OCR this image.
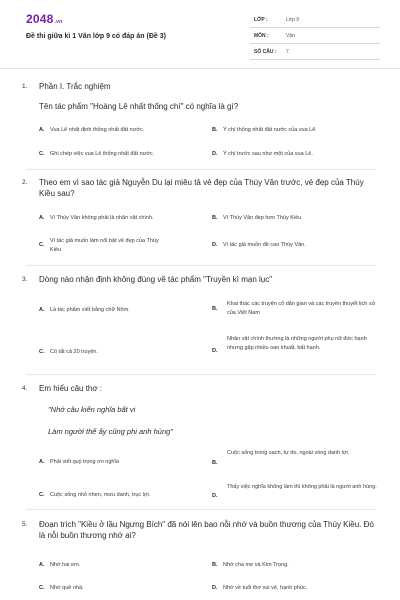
2048.vn
Đề thi giữa kì 1 Văn lớp 9 có đáp án (Đề 3)
LỚP :	Lớp 9
MÔN :	Văn
SỐ CÂU : 7
1. Phần I. Trắc nghiệm
Tên tác phẩm "Hoàng Lê nhất thống chí" có nghĩa là gì?
A. Vua Lê nhất định thống nhất đất nước.	B. Ý chí thống nhất đất nước của vua Lê.
C. Ghi chép việc vua Lê thống nhất đất nước.	D. Ý chí trước sau như một của vua Lê.
2. Theo em vì sao tác giả Nguyễn Du lại miêu tả vẻ đẹp của Thúy Vân trước, vẻ đẹp của Thúy Kiều sau?
A. Vì Thúy Vân không phải là nhân vật chính.	B. Vì Thúy Vân đẹp hơn Thúy Kiều
C.
Vì tác giả muốn làm nổi bật vẻ đẹp của Thúy Kiều
D. Vì tác giả muốn đề cao Thúy Vân.
3. Dòng nào nhận định không đúng về tác phẩm "Truyền kì mạn lục"
A. Là tác phẩm viết bằng chữ Nôm.	B.
Khai thác các truyện cổ dân gian và các truyền thuyết lịch sử của Việt Nam
C. Có tất cả 20 truyện.	D.
Nhân vật chính thường là những người phụ nữ đức hạnh nhưng gặp nhiều oan khuất, bất hạnh.
4. Em hiểu câu thơ :
"Nhớ câu kiến nghĩa bất vi
Làm người thế ấy cũng phi anh hùng"
A. Phải viết quý trọng ơn nghĩa	B.
Cuộc sống trong sạch, tự do, ngoài vòng danh lợi.
C. Cuộc sống nhỏ nhen, mưu danh, trục lợi.	D.
Thấy việc nghĩa không làm thì không phải là người anh hùng.
5. Đoạn trích "Kiều ở lầu Ngưng Bích" đã nói lên bao nỗi nhớ và buồn thương của Thúy Kiều. Đó là nỗi buồn thương nhớ ai?
A. Nhớ hai em.	B. Nhớ cha mẹ và Kim Trọng.
C. Nhớ quê nhà.	D. Nhớ về tuổi thơ vui vẻ, hạnh phúc.
